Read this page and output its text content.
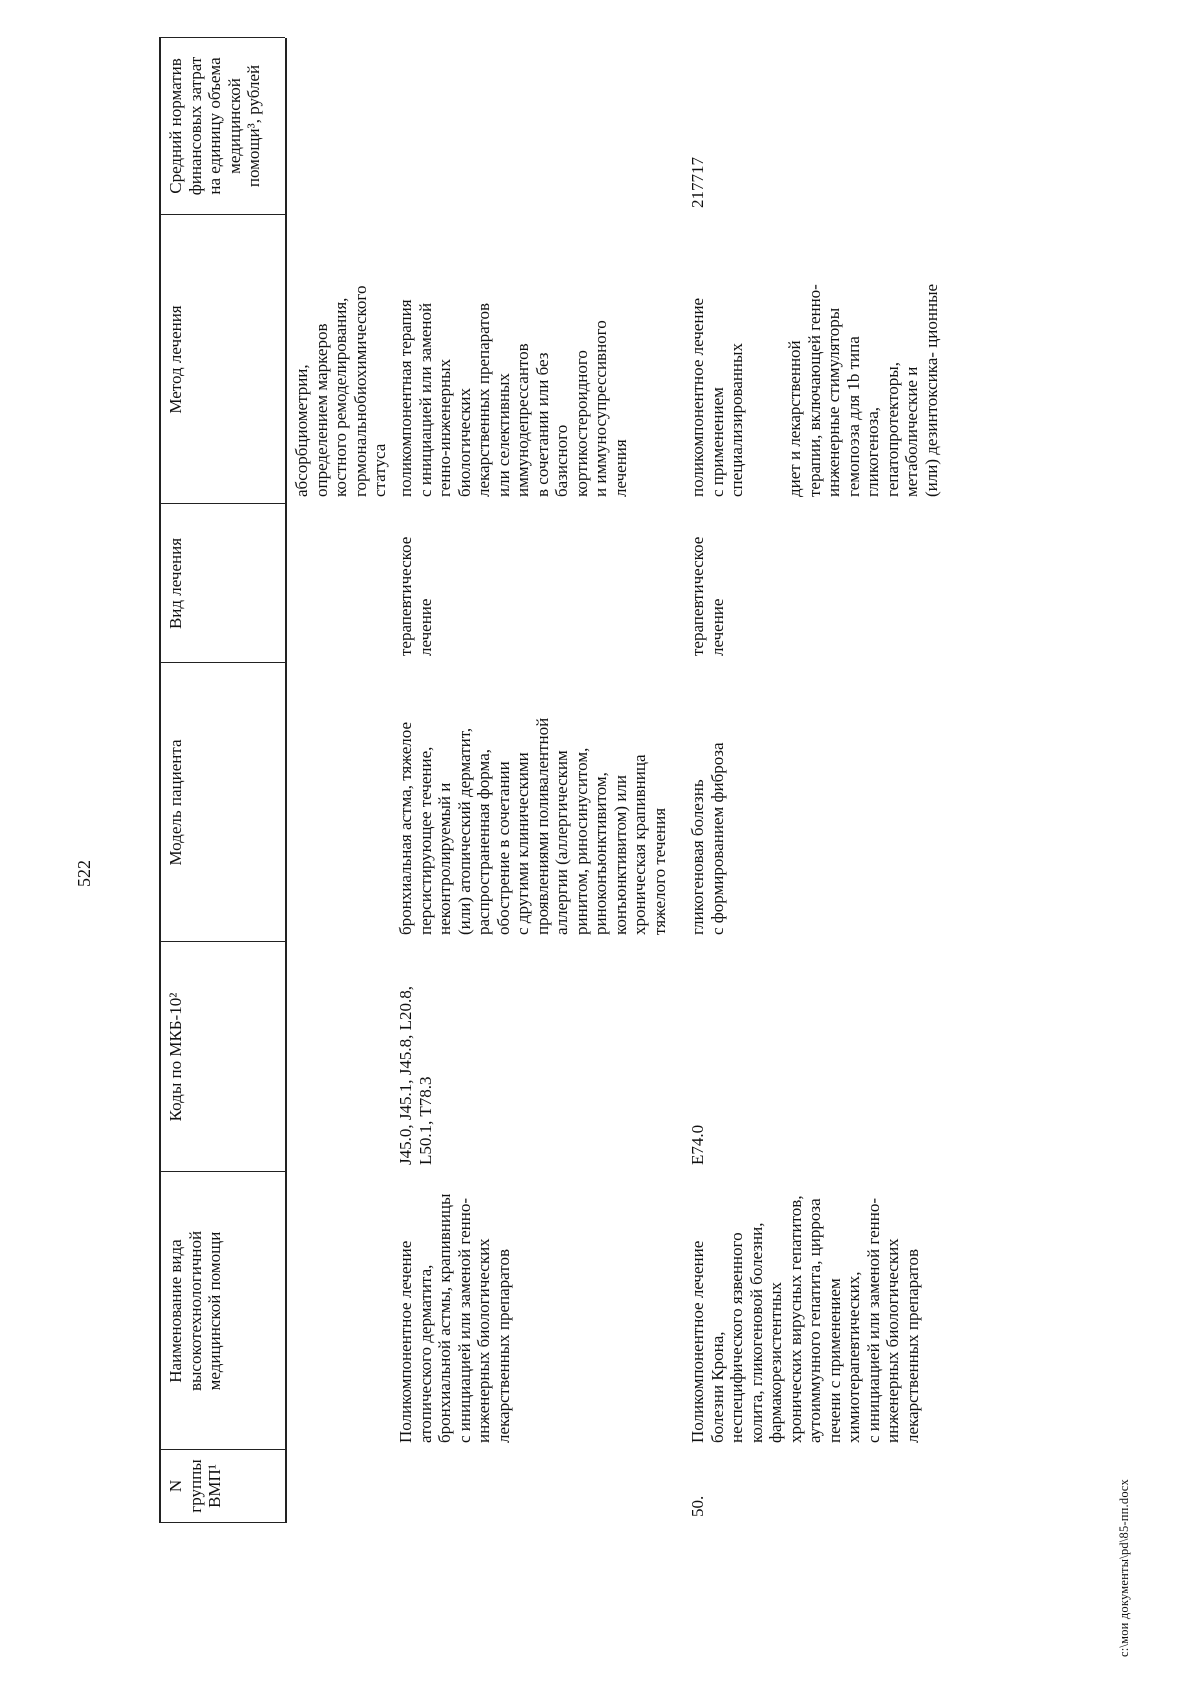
522
N
группы
ВМП¹
Наименование вида
высокотехнологичной
медицинской помощи
Коды по МКБ-10²
Модель пациента
Вид лечения
Метод лечения
Средний норматив
финансовых затрат
на единицу объема
медицинской
помощи³, рублей
абсорбциометрии,
определением маркеров
костного ремоделирования,
гормональнобиохимического
статуса
Поликомпонентное лечение
атопического дерматита,
бронхиальной астмы, крапивницы
с инициацией или заменой генно-
инженерных биологических
лекарственных препаратов
J45.0, J45.1, J45.8, L20.8,
L50.1, T78.3
бронхиальная астма, тяжелое
персистирующее течение,
неконтролируемый и
(или) атопический дерматит,
распространенная форма,
обострение в сочетании
с другими клиническими
проявлениями поливалентной
аллергии (аллергическим
ринитом, риносинуситом,
риноконъюнктивитом,
конъюнктивитом) или
хроническая крапивница
тяжелого течения
терапевтическое
лечение
поликомпонентная терапия
с инициацией или заменой
генно-инженерных
биологических
лекарственных препаратов
или селективных
иммунодепрессантов
в сочетании или без
базисного
кортикостероидного
и иммуносупрессивного
лечения
50.
Поликомпонентное лечение
болезни Крона,
неспецифического язвенного
колита, гликогеновой болезни,
фармакорезистентных
хронических вирусных гепатитов,
аутоиммунного гепатита, цирроза
печени с применением
химиотерапевтических,
с инициацией или заменой генно-
инженерных биологических
лекарственных препаратов
E74.0
гликогеновая болезнь
с формированием фиброза
терапевтическое
лечение
поликомпонентное лечение
с применением
специализированных диет и лекарственной
терапии, включающей генно-
инженерные стимуляторы
гемопоэза для 1b типа
гликогеноза,
гепатопротекторы,
метаболические и
(или) дезинтоксика- ционные
217717
c:\мои документы\pd\85-пп.docx
